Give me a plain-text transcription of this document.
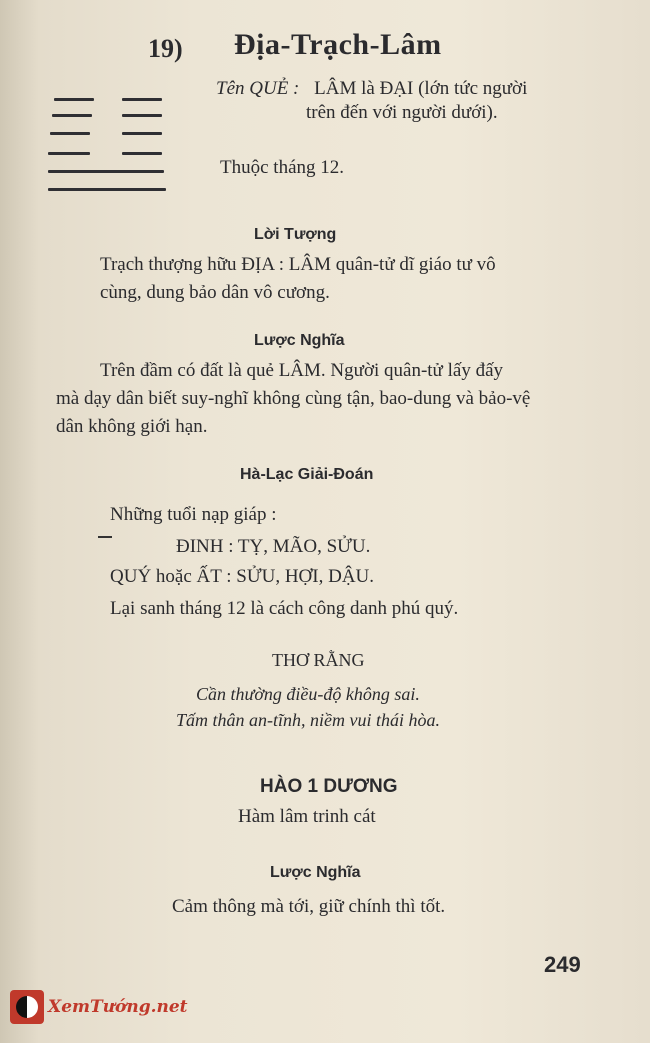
19) Địa-Trạch-Lâm
Tên QUẺ : LÂM là ĐẠI (lớn tức người
trên đến với người dưới).
Thuộc tháng 12.
Lời Tượng
Trạch thượng hữu ĐỊA : LÂM quân-tử dĩ giáo tư vô
cùng, dung bảo dân vô cương.
Lược Nghĩa
Trên đầm có đất là quẻ LÂM. Người quân-tử lấy đấy
mà dạy dân biết suy-nghĩ không cùng tận, bao-dung và bảo-vệ
dân không giới hạn.
Hà-Lạc Giải-Đoán
Những tuổi nạp giáp :
ĐINH : TỴ, MÃO, SỬU.
QUÝ hoặc ẤT : SỬU, HỢI, DẬU.
Lại sanh tháng 12 là cách công danh phú quý.
THƠ RẰNG
Cần thường điều-độ không sai.
Tấm thân an-tĩnh, niềm vui thái hòa.
HÀO 1 DƯƠNG
Hàm lâm trinh cát
Lược Nghĩa
Cảm thông mà tới, giữ chính thì tốt.
249
XemTướng.net
